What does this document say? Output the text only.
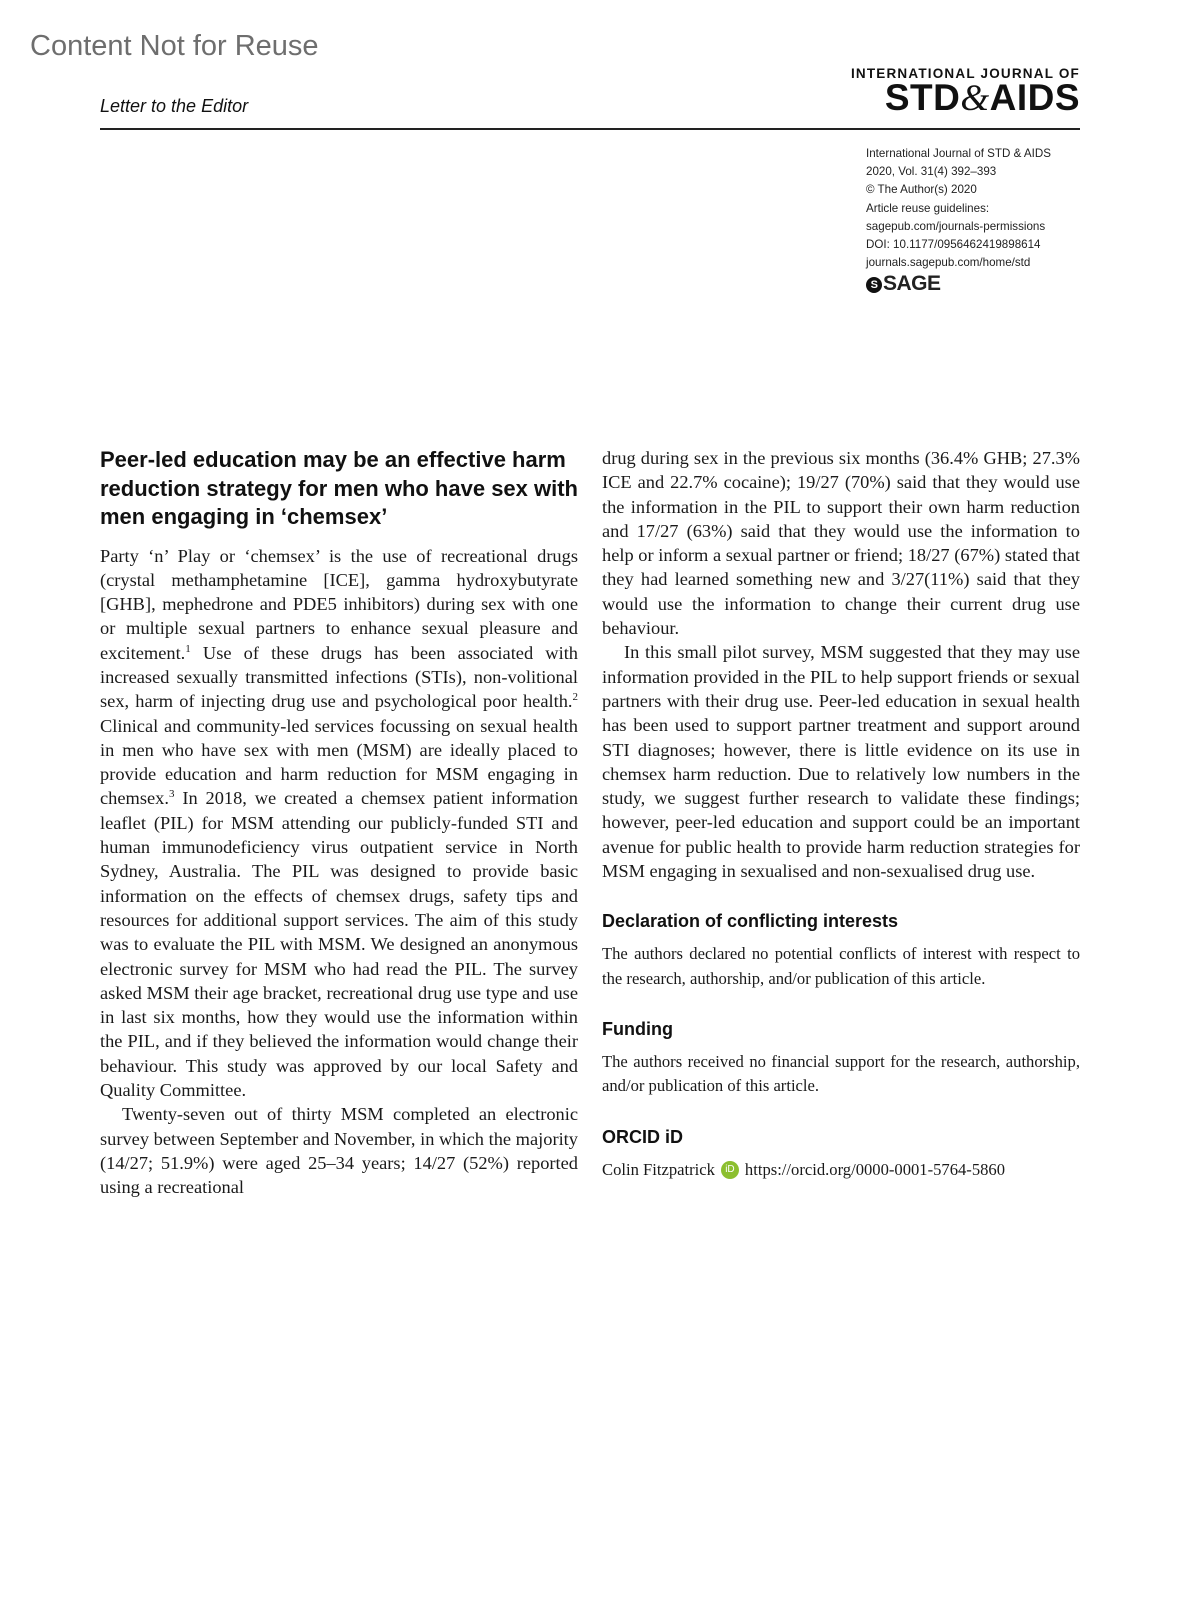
Content Not for Reuse
Letter to the Editor
INTERNATIONAL JOURNAL OF
STD&AIDS
International Journal of STD & AIDS
2020, Vol. 31(4) 392–393
© The Author(s) 2020
Article reuse guidelines:
sagepub.com/journals-permissions
DOI: 10.1177/0956462419898614
journals.sagepub.com/home/std
S SAGE
Peer-led education may be an effective harm reduction strategy for men who have sex with men engaging in ‘chemsex’

Party ‘n’ Play or ‘chemsex’ is the use of recreational drugs (crystal methamphetamine [ICE], gamma hydroxybutyrate [GHB], mephedrone and PDE5 inhibitors) during sex with one or multiple sexual partners to enhance sexual pleasure and excitement.$^1$ Use of these drugs has been associated with increased sexually transmitted infections (STIs), non-volitional sex, harm of injecting drug use and psychological poor health.$^2$ Clinical and community-led services focussing on sexual health in men who have sex with men (MSM) are ideally placed to provide education and harm reduction for MSM engaging in chemsex.$^3$ In 2018, we created a chemsex patient information leaflet (PIL) for MSM attending our publicly-funded STI and human immunodeficiency virus outpatient service in North Sydney, Australia. The PIL was designed to provide basic information on the effects of chemsex drugs, safety tips and resources for additional support services. The aim of this study was to evaluate the PIL with MSM. We designed an anonymous electronic survey for MSM who had read the PIL. The survey asked MSM their age bracket, recreational drug use type and use in last six months, how they would use the information within the PIL, and if they believed the information would change their behaviour. This study was approved by our local Safety and Quality Committee.

Twenty-seven out of thirty MSM completed an electronic survey between September and November, in which the majority (14/27; 51.9%) were aged 25–34 years; 14/27 (52%) reported using a recreational

drug during sex in the previous six months (36.4% GHB; 27.3% ICE and 22.7% cocaine); 19/27 (70%) said that they would use the information in the PIL to support their own harm reduction and 17/27 (63%) said that they would use the information to help or inform a sexual partner or friend; 18/27 (67%) stated that they had learned something new and 3/27(11%) said that they would use the information to change their current drug use behaviour.

In this small pilot survey, MSM suggested that they may use information provided in the PIL to help support friends or sexual partners with their drug use. Peer-led education in sexual health has been used to support partner treatment and support around STI diagnoses; however, there is little evidence on its use in chemsex harm reduction. Due to relatively low numbers in the study, we suggest further research to validate these findings; however, peer-led education and support could be an important avenue for public health to provide harm reduction strategies for MSM engaging in sexualised and non-sexualised drug use.

Declaration of conflicting interests

The authors declared no potential conflicts of interest with respect to the research, authorship, and/or publication of this article.

Funding

The authors received no financial support for the research, authorship, and/or publication of this article.

ORCID iD
Colin Fitzpatrick	iD https://orcid.org/0000-0001-5764-5860
